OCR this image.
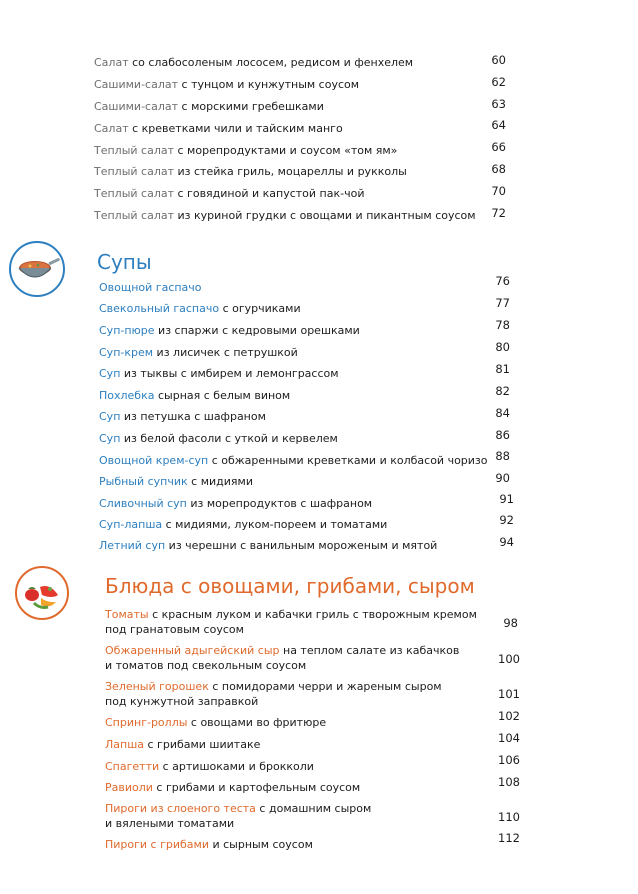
Салат со слабосоленым лососем, редисом и фенхелем	60
Сашими-салат с тунцом и кунжутным соусом	62
Сашими-салат с морскими гребешками	63
Салат с креветками чили и тайским манго	64
Теплый салат с морепродуктами и соусом «том ям»	66
Теплый салат из стейка гриль, моцареллы и рукколы	68
Теплый салат с говядиной и капустой пак-чой	70
Теплый салат из куриной грудки с овощами и пикантным соусом	72
Супы
Овощной гаспачо	76
Свекольный гаспачо с огурчиками	77
Суп-пюре из спаржи с кедровыми орешками	78
Суп-крем из лисичек с петрушкой	80
Суп из тыквы с имбирем и лемонграссом	81
Похлебка сырная с белым вином	82
Суп из петушка с шафраном	84
Суп из белой фасоли с уткой и кервелем	86
Овощной крем-суп с обжаренными креветками и колбасой чоризо 88
Рыбный супчик с мидиями	90
Сливочный суп из морепродуктов с шафраном	91
Суп-лапша с мидиями, луком-пореем и томатами	92
Летний суп из черешни с ванильным мороженым и мятой	94
Блюда с овощами, грибами, сыром
Томаты с красным луком и кабачки гриль с творожным кремом
под гранатовым соусом	98
Обжаренный адыгейский сыр на теплом салате из кабачков
и томатов под свекольным соусом	100
Зеленый горошек с помидорами черри и жареным сыром
под кунжутной заправкой
101
Спринг-роллы с овощами во фритюре	102
Лапша с грибами шиитаке	104
Спагетти с артишоками и брокколи	106
Равиоли с грибами и картофельным соусом	108
Пироги из слоеного теста с домашним сыром
и вялеными томатами	110
Пироги с грибами и сырным соусом	112
